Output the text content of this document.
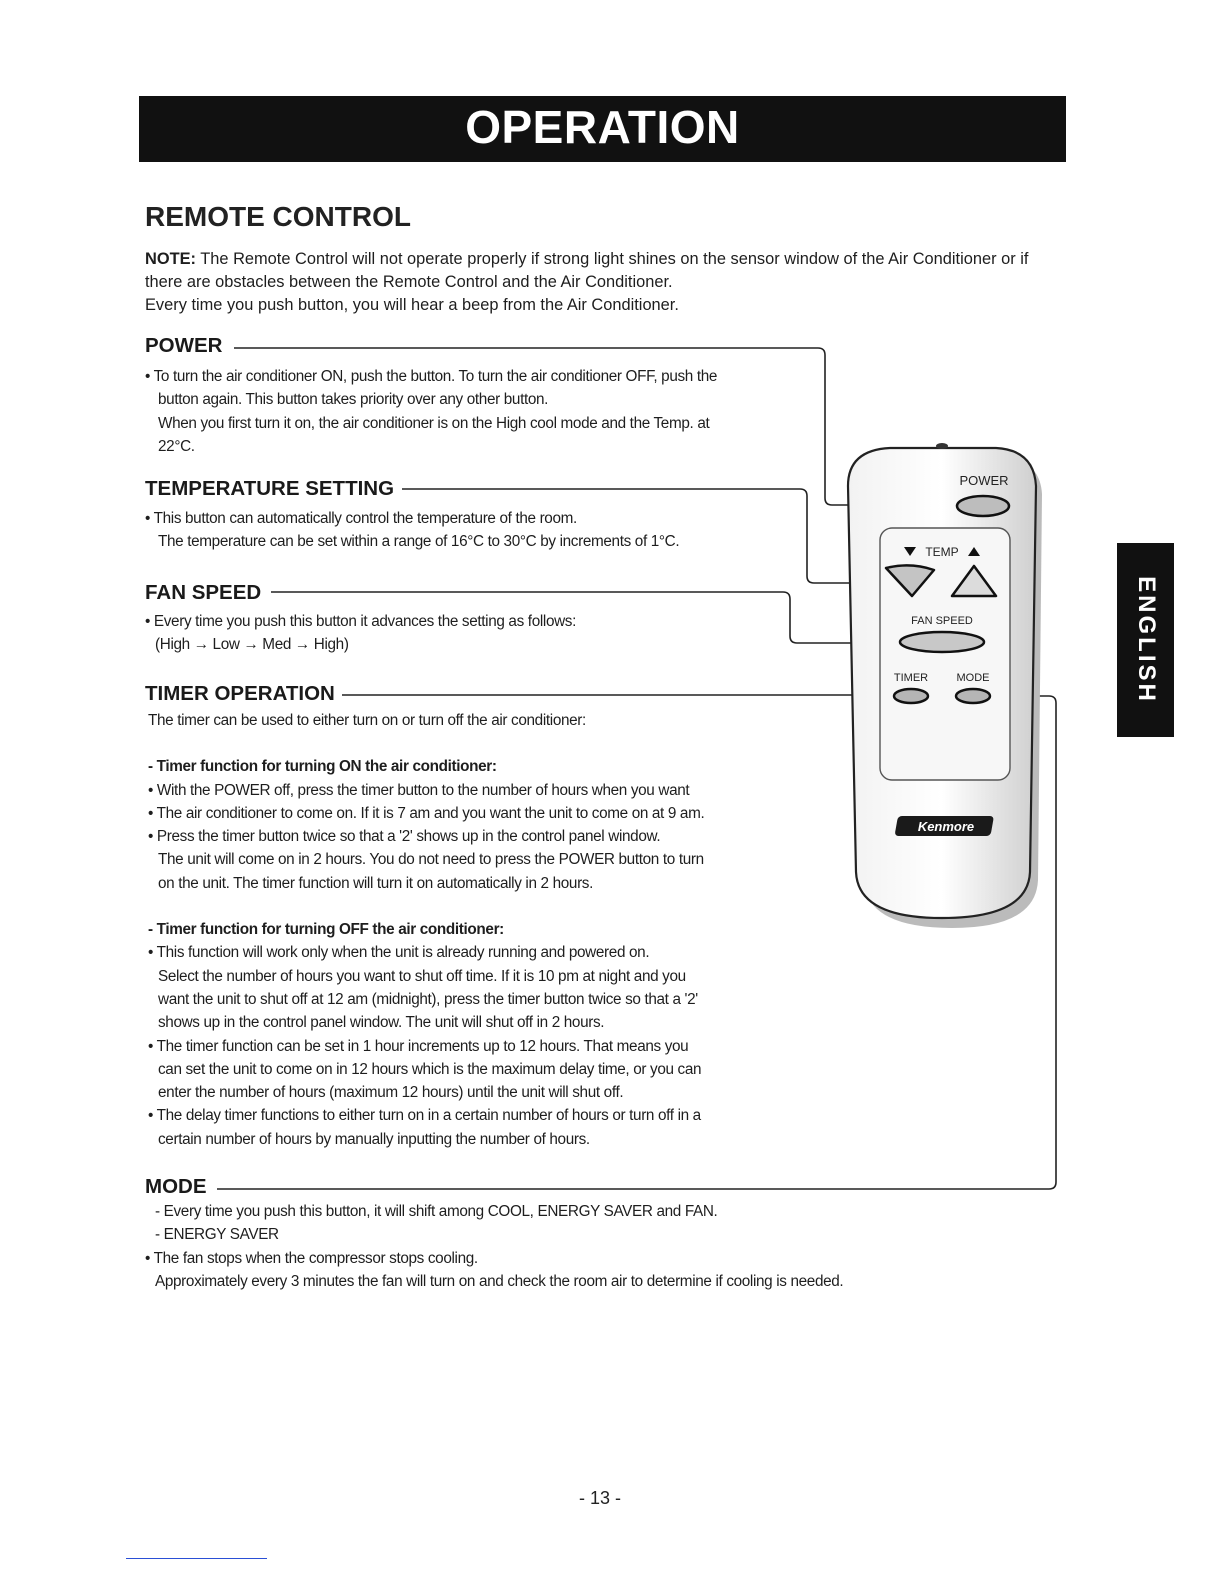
OPERATION
REMOTE CONTROL
NOTE: The Remote Control will not operate properly if strong light shines on the sensor window of the Air Conditioner or if there are obstacles between the Remote Control and the Air Conditioner.
Every time you push button, you will hear a beep from the Air Conditioner.
POWER
TEMP
FAN SPEED
TIMER	MODE
Kenmore
POWER

• To turn the air conditioner ON, push the button. To turn the air conditioner OFF, push the

button again. This button takes priority over any other button.

When you first turn it on, the air conditioner is on the High cool mode and the Temp. at

22°C.

TEMPERATURE SETTING

• This button can automatically control the temperature of the room.

The temperature can be set within a range of 16°C to 30°C by increments of 1°C.

FAN SPEED

• Every time you push this button it advances the setting as follows:

(High → Low → Med → High)

TIMER OPERATION

The timer can be used to either turn on or turn off the air conditioner:

- Timer function for turning ON the air conditioner:

• With the POWER off, press the timer button to the number of hours when you want

• The air conditioner to come on. If it is 7 am and you want the unit to come on at 9 am.

• Press the timer button twice so that a '2' shows up in the control panel window.

The unit will come on in 2 hours. You do not need to press the POWER button to turn

on the unit. The timer function will turn it on automatically in 2 hours.

- Timer function for turning OFF the air conditioner:

• This function will work only when the unit is already running and powered on.

Select the number of hours you want to shut off time. If it is 10 pm at night and you

want the unit to shut off at 12 am (midnight), press the timer button twice so that a '2'

shows up in the control panel window. The unit will shut off in 2 hours.

• The timer function can be set in 1 hour increments up to 12 hours. That means you

can set the unit to come on in 12 hours which is the maximum delay time, or you can

enter the number of hours (maximum 12 hours) until the unit will shut off.

• The delay timer functions to either turn on in a certain number of hours or turn off in a

certain number of hours by manually inputting the number of hours.

MODE

- Every time you push this button, it will shift among COOL, ENERGY SAVER and FAN.

- ENERGY SAVER

• The fan stops when the compressor stops cooling.

Approximately every 3 minutes the fan will turn on and check the room air to determine if cooling is needed.

ENGLISH
- 13 -
